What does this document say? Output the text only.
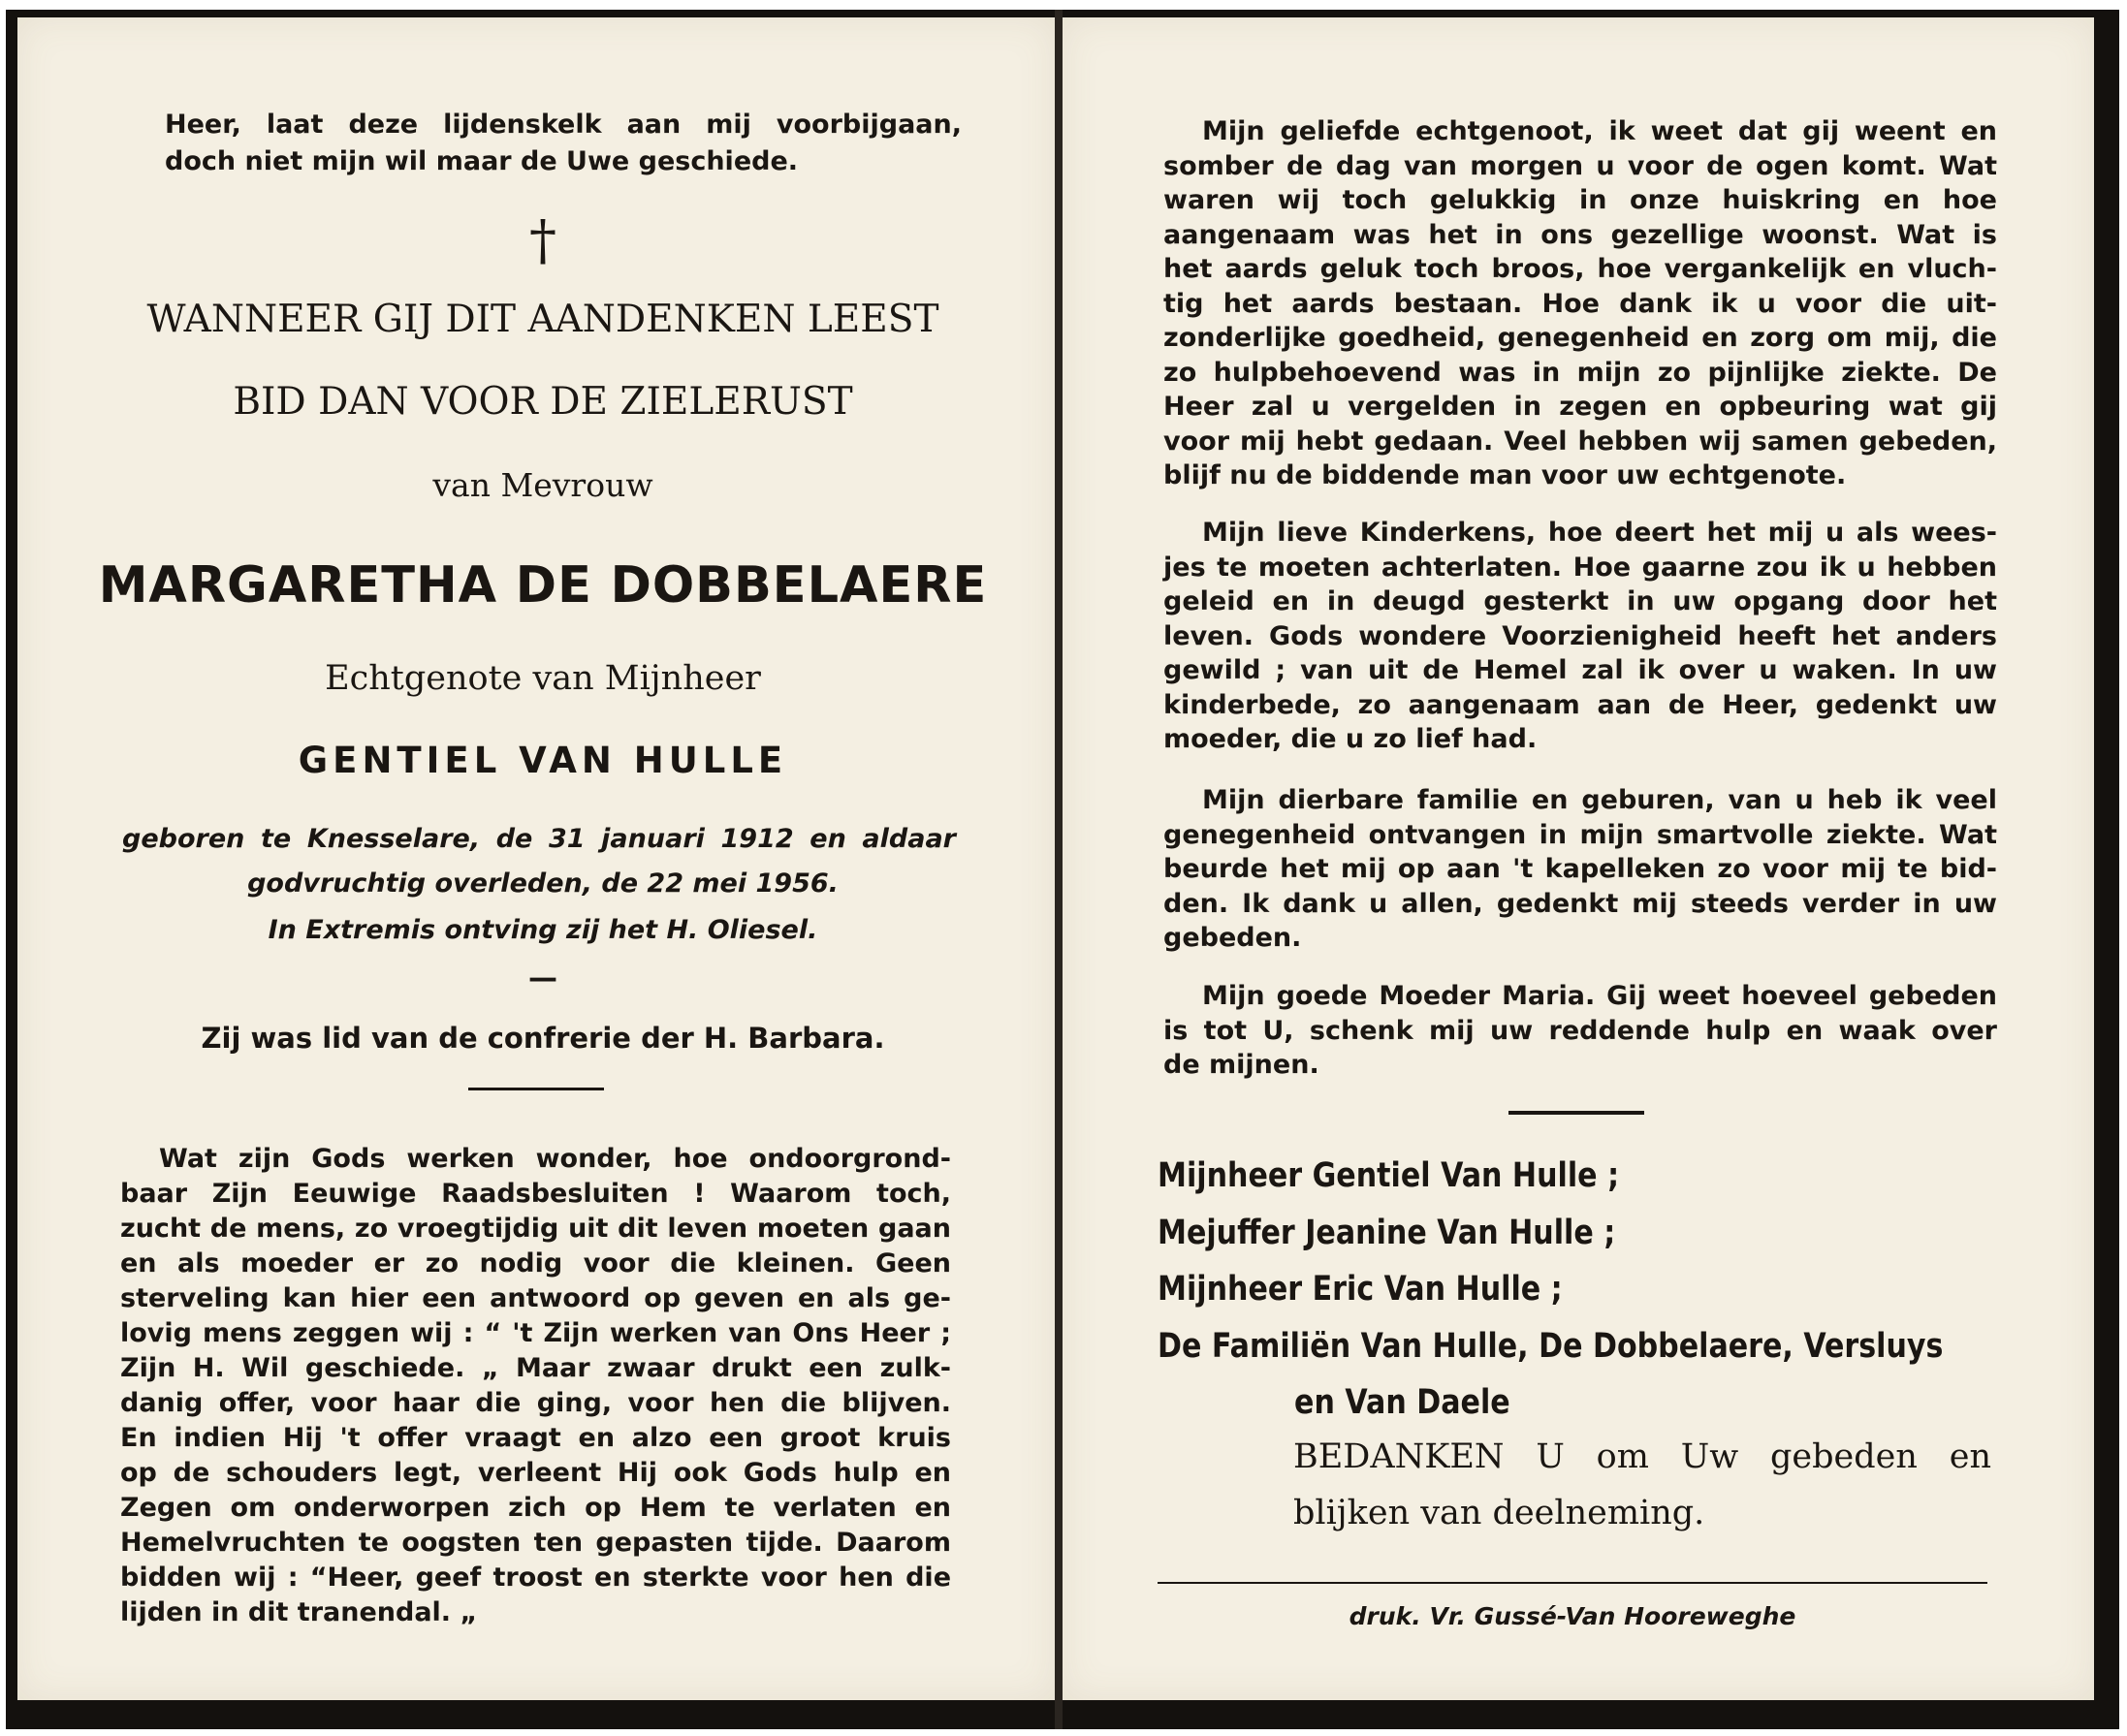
Heer, laat deze lijdenskelk aan mij voorbijgaan,

doch niet mijn wil maar de Uwe geschiede.

†

WANNEER GIJ DIT AANDENKEN LEEST

BID DAN VOOR DE ZIELERUST

van Mevrouw

MARGARETHA DE DOBBELAERE

Echtgenote van Mijnheer

GENTIEL VAN HULLE

geboren te Knesselare, de 31 januari 1912 en aldaar

godvruchtig overleden, de 22 mei 1956.

In Extremis ontving zij het H. Oliesel.

—

Zij was lid van de confrerie der H. Barbara.

Wat zijn Gods werken wonder, hoe ondoorgrond-
baar Zijn Eeuwige Raadsbesluiten ! Waarom toch,
zucht de mens, zo vroegtijdig uit dit leven moeten gaan
en als moeder er zo nodig voor die kleinen. Geen
sterveling kan hier een antwoord op geven en als ge-
lovig mens zeggen wij : “ 't Zijn werken van Ons Heer ;
Zijn H. Wil geschiede. „ Maar zwaar drukt een zulk-
danig offer, voor haar die ging, voor hen die blijven.
En indien Hij 't offer vraagt en alzo een groot kruis
op de schouders legt, verleent Hij ook Gods hulp en
Zegen om onderworpen zich op Hem te verlaten en
Hemelvruchten te oogsten ten gepasten tijde. Daarom
bidden wij : “Heer, geef troost en sterkte voor hen die
lijden in dit tranendal. „
Mijn geliefde echtgenoot, ik weet dat gij weent en
somber de dag van morgen u voor de ogen komt. Wat
waren wij toch gelukkig in onze huiskring en hoe
aangenaam was het in ons gezellige woonst. Wat is
het aards geluk toch broos, hoe vergankelijk en vluch-
tig het aards bestaan. Hoe dank ik u voor die uit-
zonderlijke goedheid, genegenheid en zorg om mij, die
zo hulpbehoevend was in mijn zo pijnlijke ziekte. De
Heer zal u vergelden in zegen en opbeuring wat gij
voor mij hebt gedaan. Veel hebben wij samen gebeden,
blijf nu de biddende man voor uw echtgenote.
Mijn lieve Kinderkens, hoe deert het mij u als wees-
jes te moeten achterlaten. Hoe gaarne zou ik u hebben
geleid en in deugd gesterkt in uw opgang door het
leven. Gods wondere Voorzienigheid heeft het anders
gewild ; van uit de Hemel zal ik over u waken. In uw
kinderbede, zo aangenaam aan de Heer, gedenkt uw
moeder, die u zo lief had.
Mijn dierbare familie en geburen, van u heb ik veel
genegenheid ontvangen in mijn smartvolle ziekte. Wat
beurde het mij op aan 't kapelleken zo voor mij te bid-
den. Ik dank u allen, gedenkt mij steeds verder in uw
gebeden.
Mijn goede Moeder Maria. Gij weet hoeveel gebeden
is tot U, schenk mij uw reddende hulp en waak over
de mijnen.
Mijnheer Gentiel Van Hulle ;
Mejuffer Jeanine Van Hulle ;
Mijnheer Eric Van Hulle ;
De Familiën Van Hulle, De Dobbelaere, Versluys
en Van Daele

BEDANKEN U om Uw gebeden en

blijken van deelneming.

druk. Vr. Gussé-Van Hooreweghe
